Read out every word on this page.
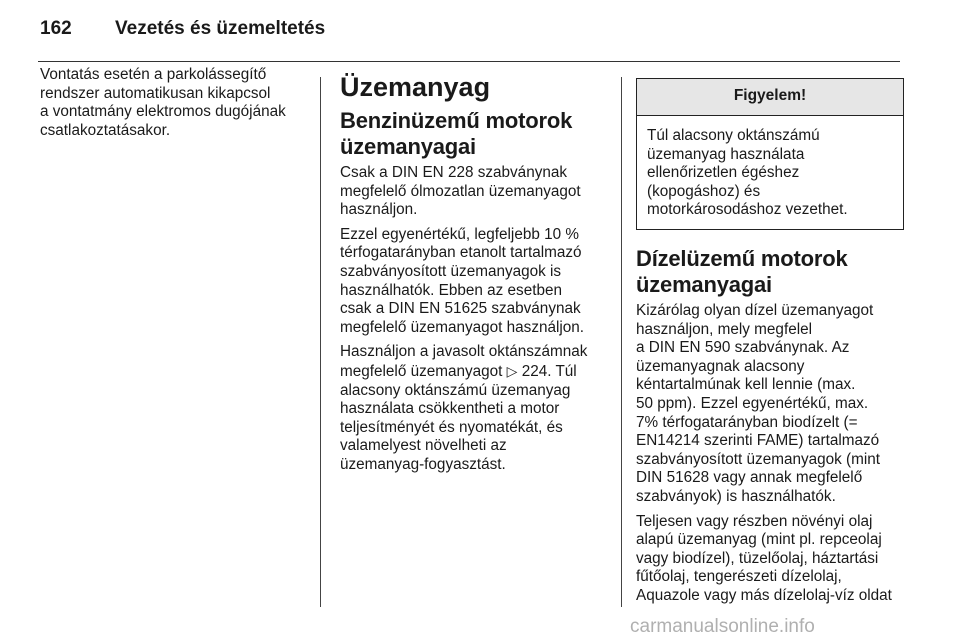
162 Vezetés és üzemeltetés

Vontatás esetén a parkolássegítő
rendszer automatikusan kikapcsol
a vontatmány elektromos dugójának
csatlakoztatásakor.

Üzemanyag
Benzinüzemű motorok
üzemanyagai

Csak a DIN EN 228 szabványnak
megfelelő ólmozatlan üzemanyagot
használjon.

Ezzel egyenértékű, legfeljebb 10 %
térfogatarányban etanolt tartalmazó
szabványosított üzemanyagok is
használhatók. Ebben az esetben
csak a DIN EN 51625 szabványnak
megfelelő üzemanyagot használjon.

Használjon a javasolt oktánszámnak
megfelelő üzemanyagot ▷ 224. Túl
alacsony oktánszámú üzemanyag
használata csökkentheti a motor
teljesítményét és nyomatékát, és
valamelyest növelheti az
üzemanyag-fogyasztást.

Figyelem!
Túl alacsony oktánszámú
üzemanyag használata
ellenőrizetlen égéshez
(kopogáshoz) és
motorkárosodáshoz vezethet.
Dízelüzemű motorok
üzemanyagai

Kizárólag olyan dízel üzemanyagot
használjon, mely megfelel
a DIN EN 590 szabványnak. Az
üzemanyagnak alacsony
kéntartalmúnak kell lennie (max.
50 ppm). Ezzel egyenértékű, max.
7% térfogatarányban biodízelt (=
EN14214 szerinti FAME) tartalmazó
szabványosított üzemanyagok (mint
DIN 51628 vagy annak megfelelő
szabványok) is használhatók.

Teljesen vagy részben növényi olaj
alapú üzemanyag (mint pl. repceolaj
vagy biodízel), tüzelőolaj, háztartási
fűtőolaj, tengerészeti dízelolaj,
Aquazole vagy más dízelolaj-víz oldat

carmanualsonline.info
